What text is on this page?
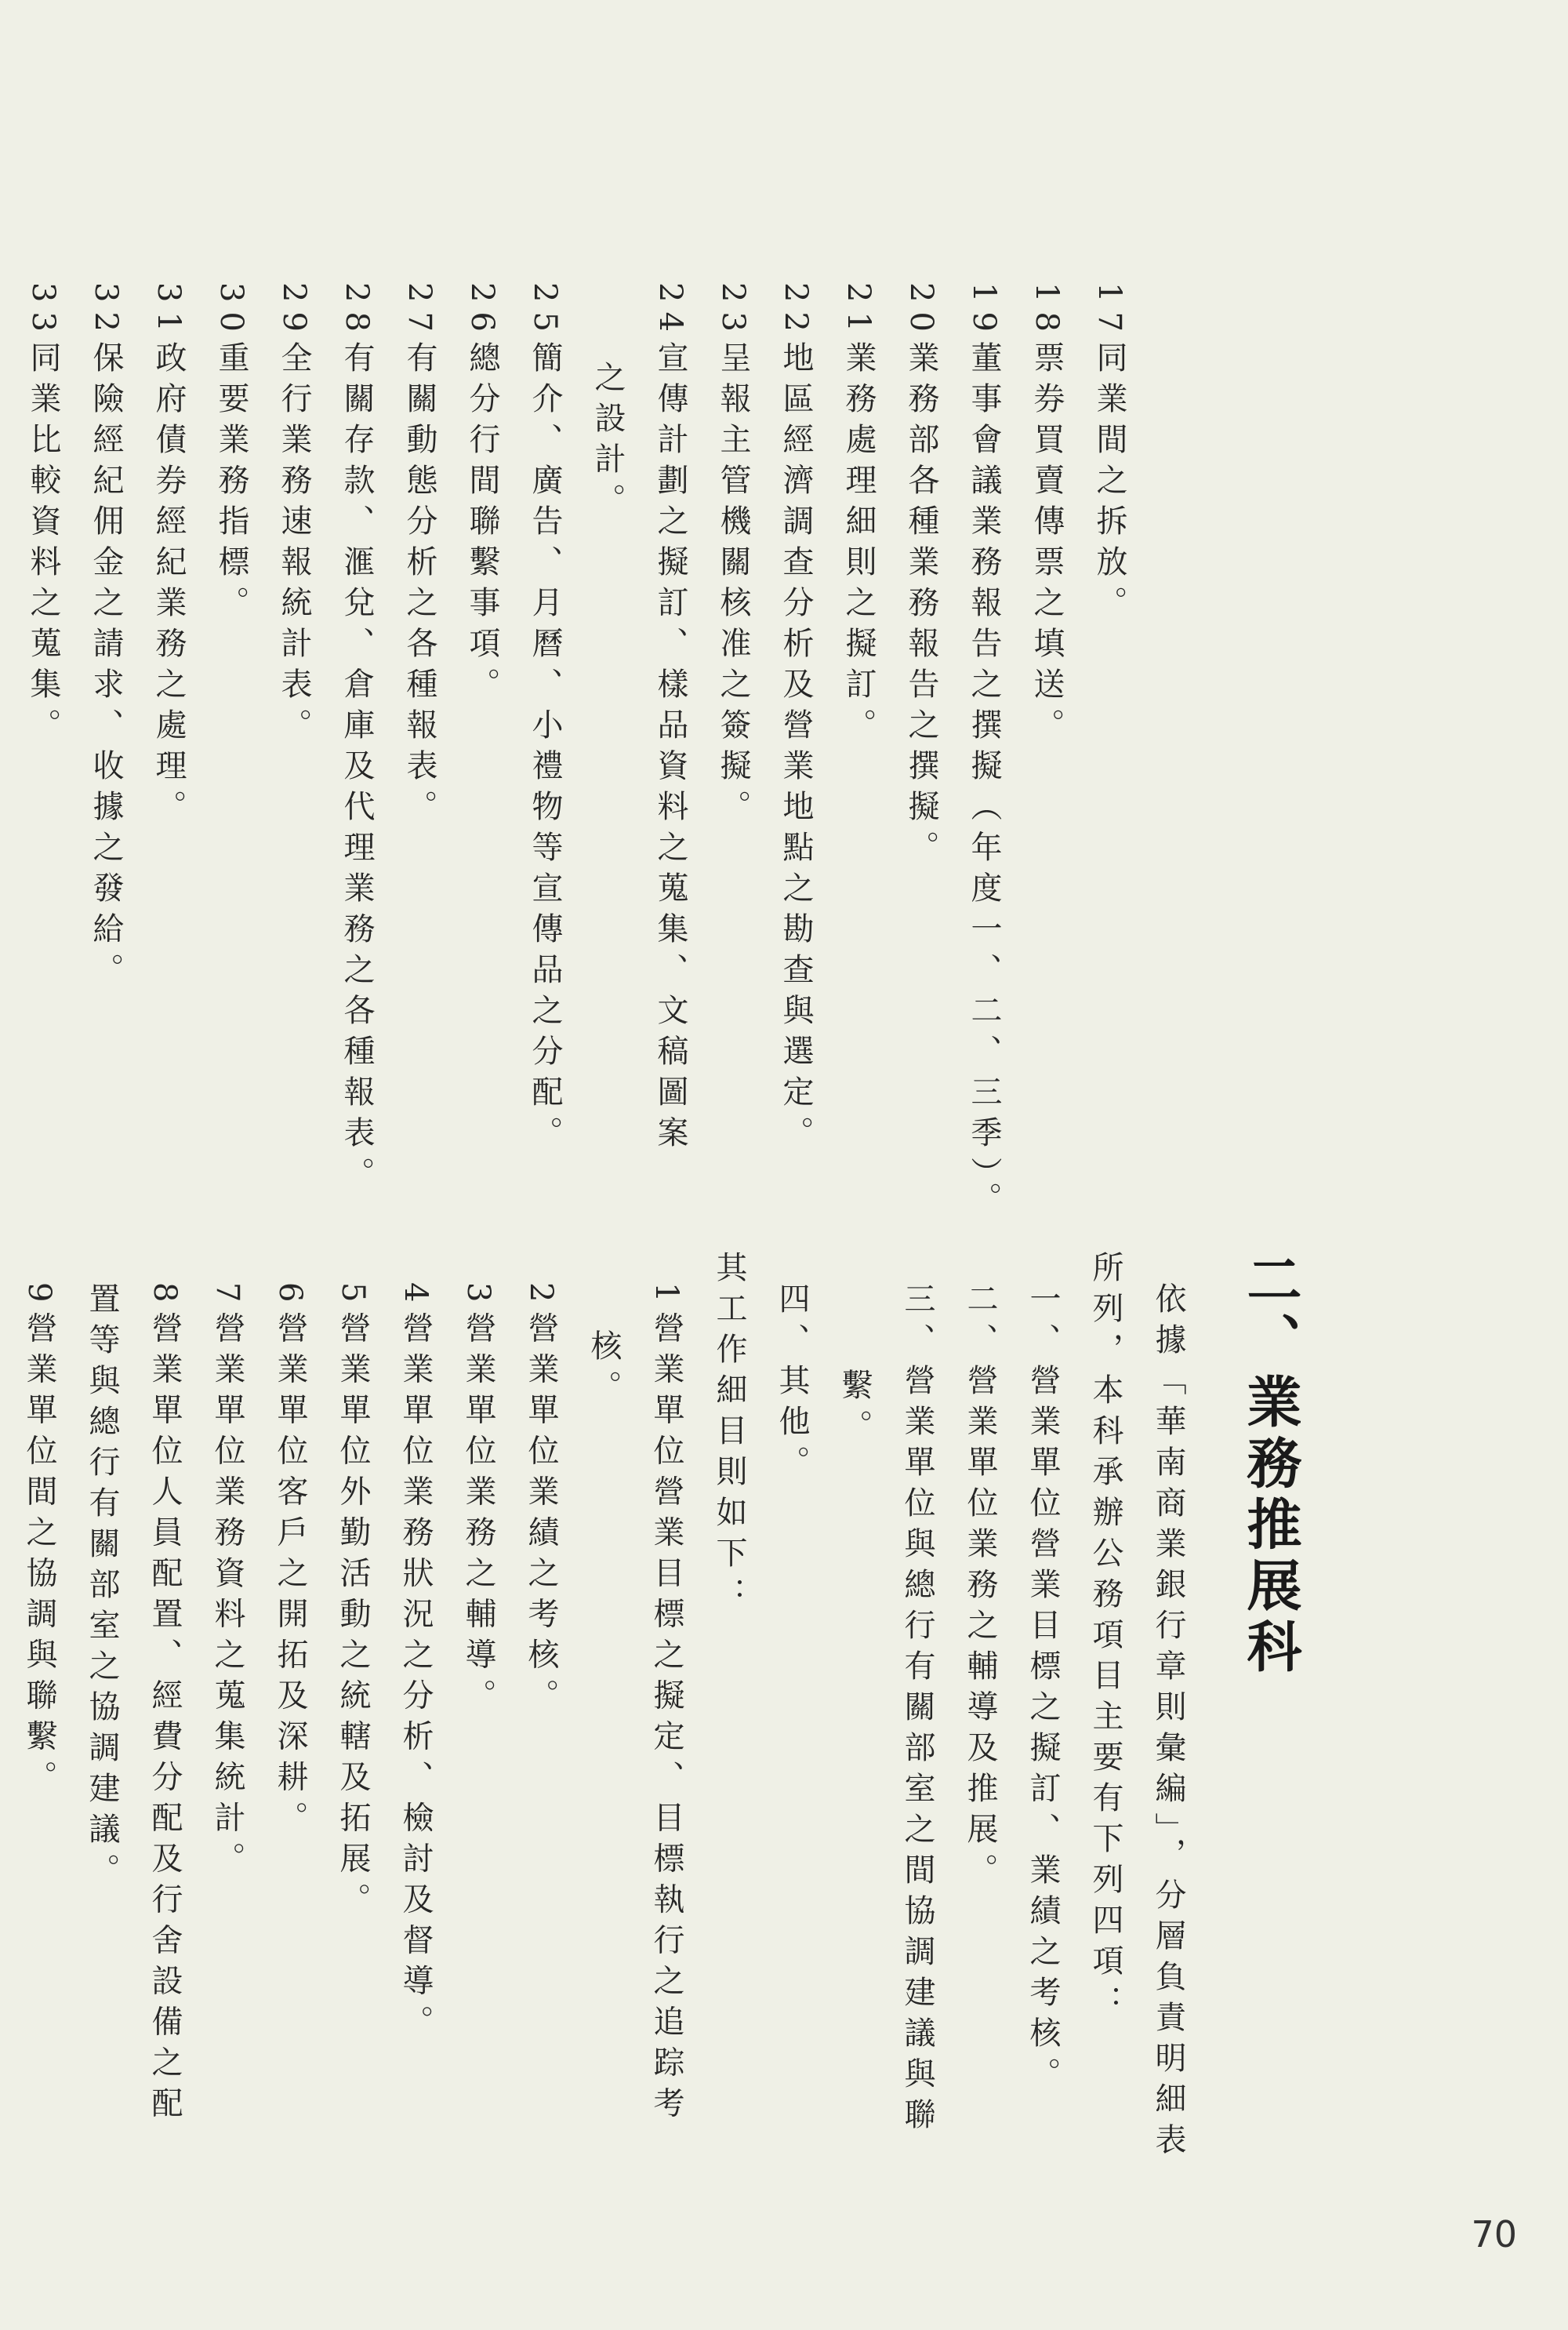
17同業間之拆放。
18票券買賣傳票之填送。
19董事會議業務報告之撰擬（年度一、二、三季）。
20業務部各種業務報告之撰擬。
21業務處理細則之擬訂。
22地區經濟調查分析及營業地點之勘查與選定。
23呈報主管機關核准之簽擬。
24宣傳計劃之擬訂、樣品資料之蒐集、文稿圖案
之設計。
25簡介、廣告、月曆、小禮物等宣傳品之分配。
26總分行間聯繫事項。
27有關動態分析之各種報表。
28有關存款、滙兌、倉庫及代理業務之各種報表。
29全行業務速報統計表。
30重要業務指標。
31政府債券經紀業務之處理。
32保險經紀佣金之請求、收據之發給。
33同業比較資料之蒐集。
二、業務推展科
依據「華南商業銀行章則彙編」，分層負責明細表
所列，本科承辦公務項目主要有下列四項：
一、營業單位營業目標之擬訂、業績之考核。
二、營業單位業務之輔導及推展。
三、營業單位與總行有關部室之間協調建議與聯
繫。
四、其他。
其工作細目則如下：
1營業單位營業目標之擬定、目標執行之追踪考
核。
2營業單位業績之考核。
3營業單位業務之輔導。
4營業單位業務狀況之分析、檢討及督導。
5營業單位外勤活動之統轄及拓展。
6營業單位客戶之開拓及深耕。
7營業單位業務資料之蒐集統計。
8營業單位人員配置、經費分配及行舍設備之配
置等與總行有關部室之協調建議。
9營業單位間之協調與聯繫。
70
